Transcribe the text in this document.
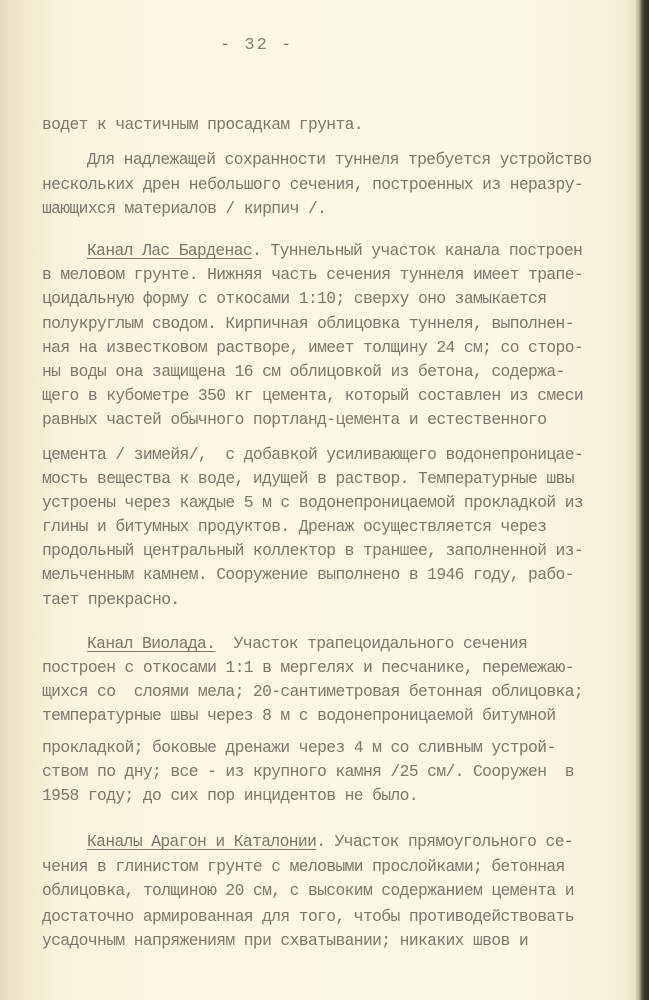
- 32 -
водет к частичным просадкам грунта.
Для надлежащей сохранности туннеля требуется устройство
нескольких дрен небольшого сечения, построенных из неразру-
шающихся материалов / кирпич /.
Канал Лас Барденас. Туннельный участок канала построен
в меловом грунте. Нижняя часть сечения туннеля имеет трапе-
цоидальную форму с откосами 1:10; сверху оно замыкается
полукруглым сводом. Кирпичная облицовка туннеля, выполнен-
ная на известковом растворе, имеет толщину 24 см; со сторо-
ны воды она защищена 16 см облицовкой из бетона, содержа-
щего в кубометре 350 кг цемента, который составлен из смеси
равных частей обычного портланд-цемента и естественного
цемента / зимейя/,  с добавкой усиливающего водонепроницае-
мость вещества к воде, идущей в раствор. Температурные швы
устроены через каждые 5 м с водонепроницаемой прокладкой из
глины и битумных продуктов. Дренаж осуществляется через
продольный центральный коллектор в траншее, заполненной из-
мельченным камнем. Сооружение выполнено в 1946 году, рабо-
тает прекрасно.
Канал Виолада.  Участок трапецоидального сечения
построен с откосами 1:1 в мергелях и песчанике, перемежаю-
щихся со  слоями мела; 20-сантиметровая бетонная облицовка;
температурные швы через 8 м с водонепроницаемой битумной
прокладкой; боковые дренажи через 4 м со сливным устрой-
ством по дну; все - из крупного камня /25 см/. Сооружен  в
1958 году; до сих пор инцидентов не было.
Каналы Арагон и Каталонии. Участок прямоугольного се-
чения в глинистом грунте с меловыми прослойками; бетонная
облицовка, толщиною 20 см, с высоким содержанием цемента и
достаточно армированная для того, чтобы противодействовать
усадочным напряжениям при схватывании; никаких швов и
